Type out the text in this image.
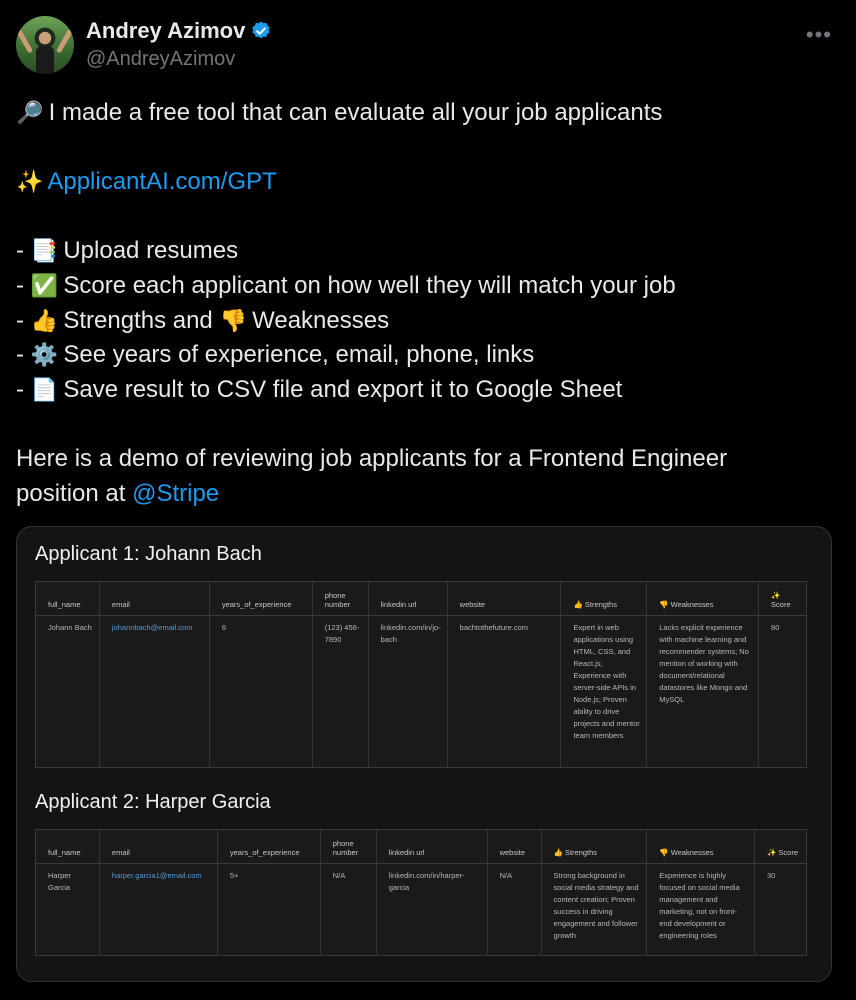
Andrey Azimov
@AndreyAzimov
•••

🔎 I made a free tool that can evaluate all your job applicants

✨ ApplicantAI.com/GPT

- 📑 Upload resumes

- ✅ Score each applicant on how well they will match your job

- 👍 Strengths and 👎 Weaknesses

- ⚙️ See years of experience, email, phone, links

- 📄 Save result to CSV file and export it to Google Sheet

Here is a demo of reviewing job applicants for a Frontend Engineer

position at @Stripe

Applicant 1: Johann Bach
full_name	email	years_of_experience	phone number	linkedin url	website	👍 Strengths	👎 Weaknesses	✨ Score
Johann Bach	johannbach@email.com	6	(123) 456-7890	linkedin.com/in/jo-bach	bachtothefuture.com	Expert in web applications using HTML, CSS, and React.js; Experience with server-side APIs in Node.js; Proven ability to drive projects and mentor team members	Lacks explicit experience with machine learning and recommender systems; No mention of working with document/relational datastores like Mongo and MySQL	80
Applicant 2: Harper Garcia
full_name	email	years_of_experience	phone number	linkedin url	website	👍 Strengths	👎 Weaknesses	✨ Score
Harper Garcia	harper.garcia1@email.com	5+	N/A	linkedin.com/in/harper-garcia	N/A	Strong background in social media strategy and content creation; Proven success in driving engagement and follower growth	Experience is highly focused on social media management and marketing, not on front-end development or engineering roles	30
